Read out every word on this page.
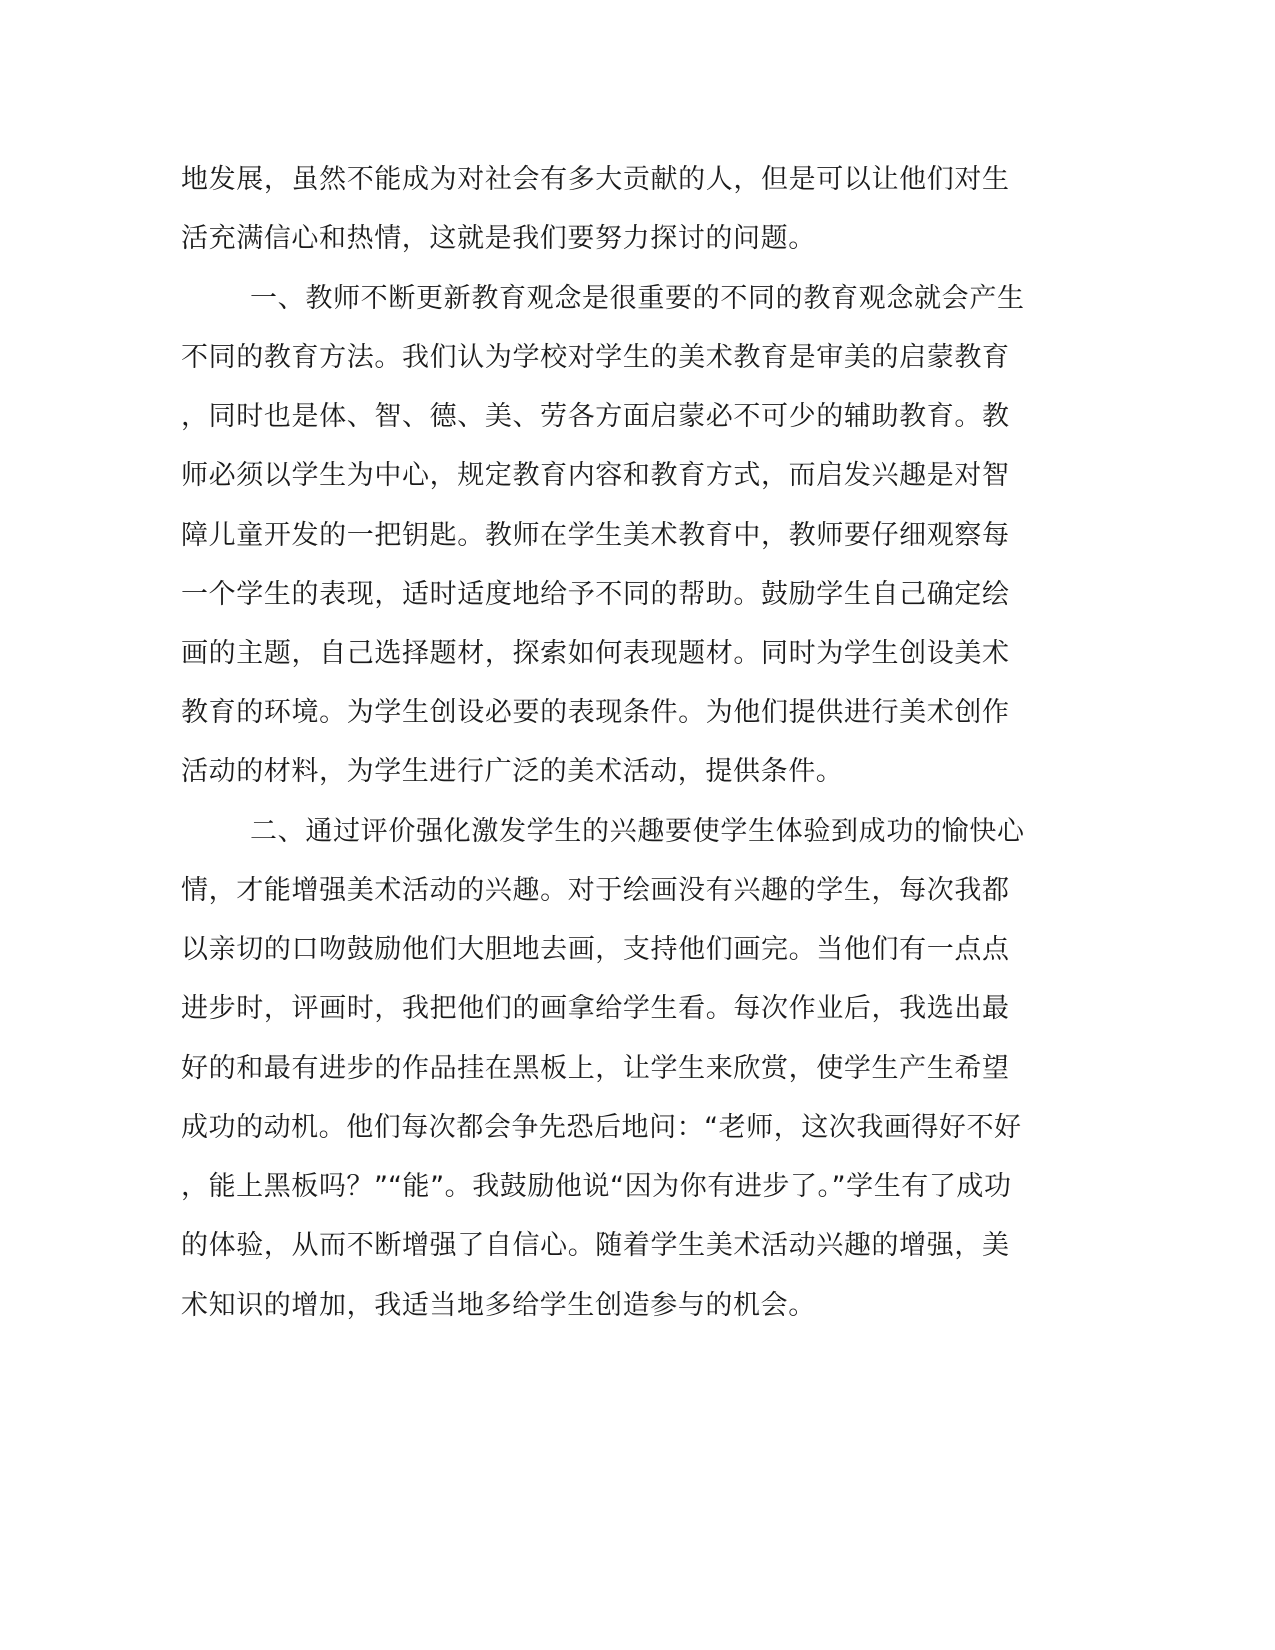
地发展，虽然不能成为对社会有多大贡献的人，但是可以让他们对生
活充满信心和热情，这就是我们要努力探讨的问题。
一、教师不断更新教育观念是很重要的不同的教育观念就会产生
不同的教育方法。我们认为学校对学生的美术教育是审美的启蒙教育
，同时也是体、智、德、美、劳各方面启蒙必不可少的辅助教育。教
师必须以学生为中心，规定教育内容和教育方式，而启发兴趣是对智
障儿童开发的一把钥匙。教师在学生美术教育中，教师要仔细观察每
一个学生的表现，适时适度地给予不同的帮助。鼓励学生自己确定绘
画的主题，自己选择题材，探索如何表现题材。同时为学生创设美术
教育的环境。为学生创设必要的表现条件。为他们提供进行美术创作
活动的材料，为学生进行广泛的美术活动，提供条件。
二、通过评价强化激发学生的兴趣要使学生体验到成功的愉快心
情，才能增强美术活动的兴趣。对于绘画没有兴趣的学生，每次我都
以亲切的口吻鼓励他们大胆地去画，支持他们画完。当他们有一点点
进步时，评画时，我把他们的画拿给学生看。每次作业后，我选出最
好的和最有进步的作品挂在黑板上，让学生来欣赏，使学生产生希望
成功的动机。他们每次都会争先恐后地问：“老师，这次我画得好不好
，能上黑板吗？”“能”。我鼓励他说“因为你有进步了。”学生有了成功
的体验，从而不断增强了自信心。随着学生美术活动兴趣的增强，美
术知识的增加，我适当地多给学生创造参与的机会。
